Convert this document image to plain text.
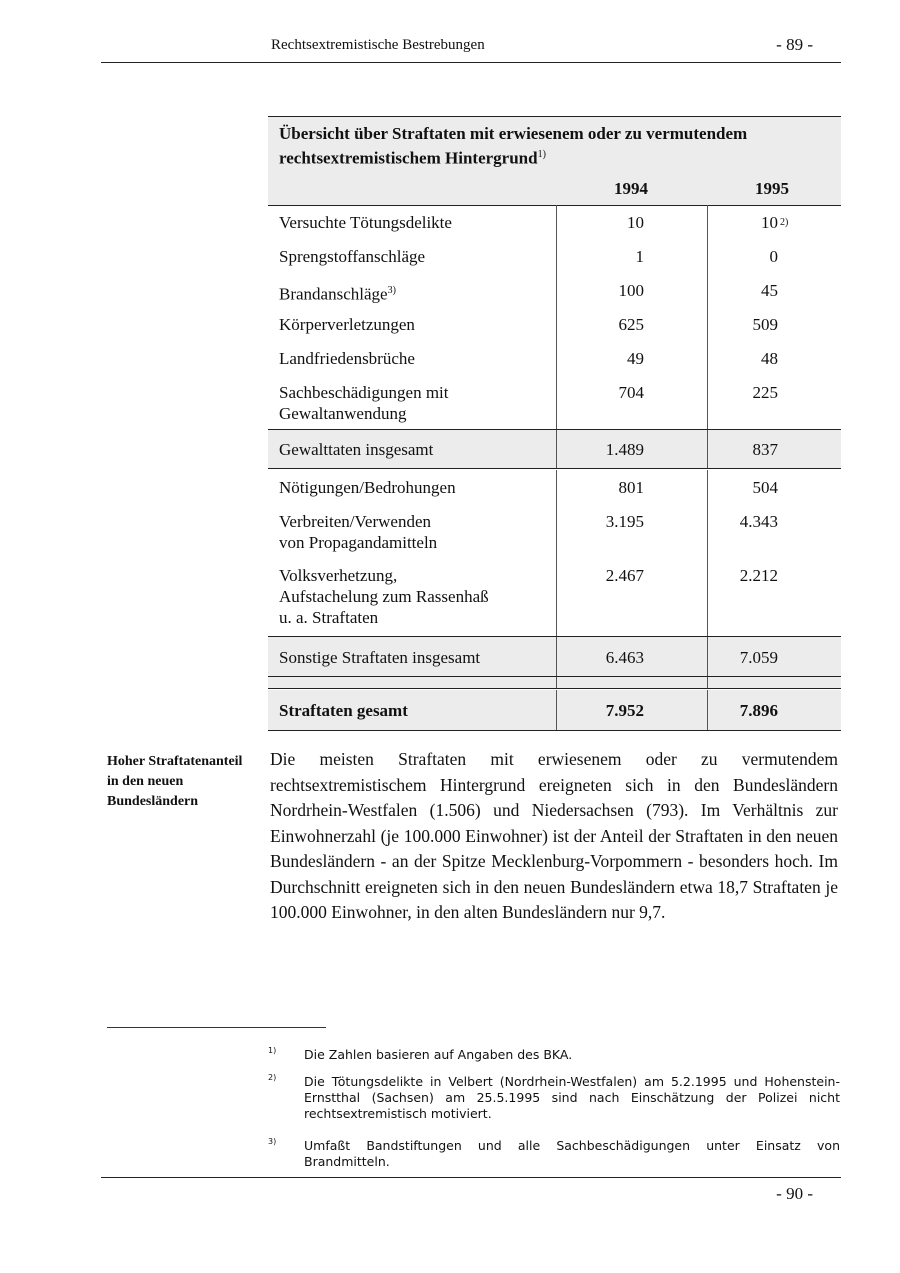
Rechtsextremistische Bestrebungen	- 89 -
Übersicht über Straftaten mit erwiesenem oder zu vermutendem rechtsextremistischem Hintergrund$^{1)}$
1994	1995
Versuchte Tötungsdelikte	10	10 2)
Sprengstoffanschläge	1	0
Brandanschläge$^{3)}$	100	45
Körperverletzungen	625	509
Landfriedensbrüche	49	48
Sachbeschädigungen mit
Gewaltanwendung
704	225
Gewalttaten insgesamt	1.489	837
Nötigungen/Bedrohungen	801	504
Verbreiten/Verwenden
von Propagandamitteln
3.195	4.343
Volksverhetzung,
Aufstachelung zum Rassenhaß
u. a. Straftaten
2.467	2.212
Sonstige Straftaten insgesamt	6.463	7.059
Straftaten gesamt	7.952	7.896
Hoher Straftatenanteil
in den neuen
Bundesländern
Die meisten Straftaten mit erwiesenem oder zu vermutendem rechtsextremistischem Hintergrund ereigneten sich in den Bundesländern Nordrhein-Westfalen (1.506) und Niedersachsen (793). Im Verhältnis zur Einwohnerzahl (je 100.000 Einwohner) ist der Anteil der Straftaten in den neuen Bundesländern - an der Spitze Mecklenburg-Vorpommern - besonders hoch. Im Durchschnitt ereigneten sich in den neuen Bundesländern etwa 18,7 Straftaten je 100.000 Einwohner, in den alten Bundesländern nur 9,7.
1) Die Zahlen basieren auf Angaben des BKA.
2) Die Tötungsdelikte in Velbert (Nordrhein-Westfalen) am 5.2.1995 und Hohenstein-Ernstthal (Sachsen) am 25.5.1995 sind nach Einschätzung der Polizei nicht rechtsextremistisch motiviert.
3) Umfaßt Bandstiftungen und alle Sachbeschädigungen unter Einsatz von Brandmitteln.
- 90 -
